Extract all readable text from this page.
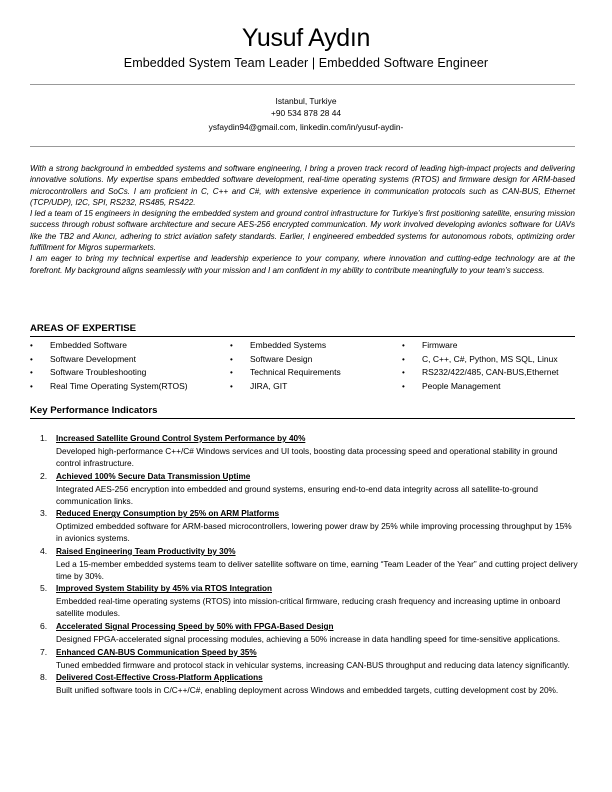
Yusuf Aydın
Embedded System Team Leader | Embedded Software Engineer
Istanbul, Turkiye
+90 534 878 28 44
ysfaydin94@gmail.com, linkedin.com/in/yusuf-aydin-

With a strong background in embedded systems and software engineering, I bring a proven track record of leading high-impact projects and delivering innovative solutions. My expertise spans embedded software development, real-time operating systems (RTOS) and firmware design for ARM-based microcontrollers and SoCs. I am proficient in C, C++ and C#, with extensive experience in communication protocols such as CAN-BUS, Ethernet (TCP/UDP), I2C, SPI, RS232, RS485, RS422.

I led a team of 15 engineers in designing the embedded system and ground control infrastructure for Turkiye’s first positioning satellite, ensuring mission success through robust software architecture and secure AES-256 encrypted communication. My work involved developing avionics software for UAVs like the TB2 and Akıncı, adhering to strict aviation safety standards. Earlier, I engineered embedded systems for autonomous robots, optimizing order fulfillment for Migros supermarkets.

I am eager to bring my technical expertise and leadership experience to your company, where innovation and cutting-edge technology are at the forefront. My background aligns seamlessly with your mission and I am confident in my ability to contribute meaningfully to your team’s success.

AREAS OF EXPERTISE
• Embedded Software
• Software Development
• Software Troubleshooting
• Real Time Operating System(RTOS)
• Embedded Systems
• Software Design
• Technical Requirements
• JIRA, GIT
• Firmware
• C, C++, C#, Python, MS SQL, Linux
• RS232/422/485, CAN-BUS,Ethernet
• People Management
Key Performance Indicators
1. Increased Satellite Ground Control System Performance by 40%
Developed high-performance C++/C# Windows services and UI tools, boosting data processing speed and operational stability in ground control infrastructure.
2. Achieved 100% Secure Data Transmission Uptime
Integrated AES-256 encryption into embedded and ground systems, ensuring end-to-end data integrity across all satellite-to-ground communication links.
3. Reduced Energy Consumption by 25% on ARM Platforms
Optimized embedded software for ARM-based microcontrollers, lowering power draw by 25% while improving processing throughput by 15% in avionics systems.
4. Raised Engineering Team Productivity by 30%
Led a 15-member embedded systems team to deliver satellite software on time, earning “Team Leader of the Year” and cutting project delivery time by 30%.
5. Improved System Stability by 45% via RTOS Integration
Embedded real-time operating systems (RTOS) into mission-critical firmware, reducing crash frequency and increasing uptime in onboard satellite modules.
6. Accelerated Signal Processing Speed by 50% with FPGA-Based Design
Designed FPGA-accelerated signal processing modules, achieving a 50% increase in data handling speed for time-sensitive applications.
7. Enhanced CAN-BUS Communication Speed by 35%
Tuned embedded firmware and protocol stack in vehicular systems, increasing CAN-BUS throughput and reducing data latency significantly.
8. Delivered Cost-Effective Cross-Platform Applications
Built unified software tools in C/C++/C#, enabling deployment across Windows and embedded targets, cutting development cost by 20%.
